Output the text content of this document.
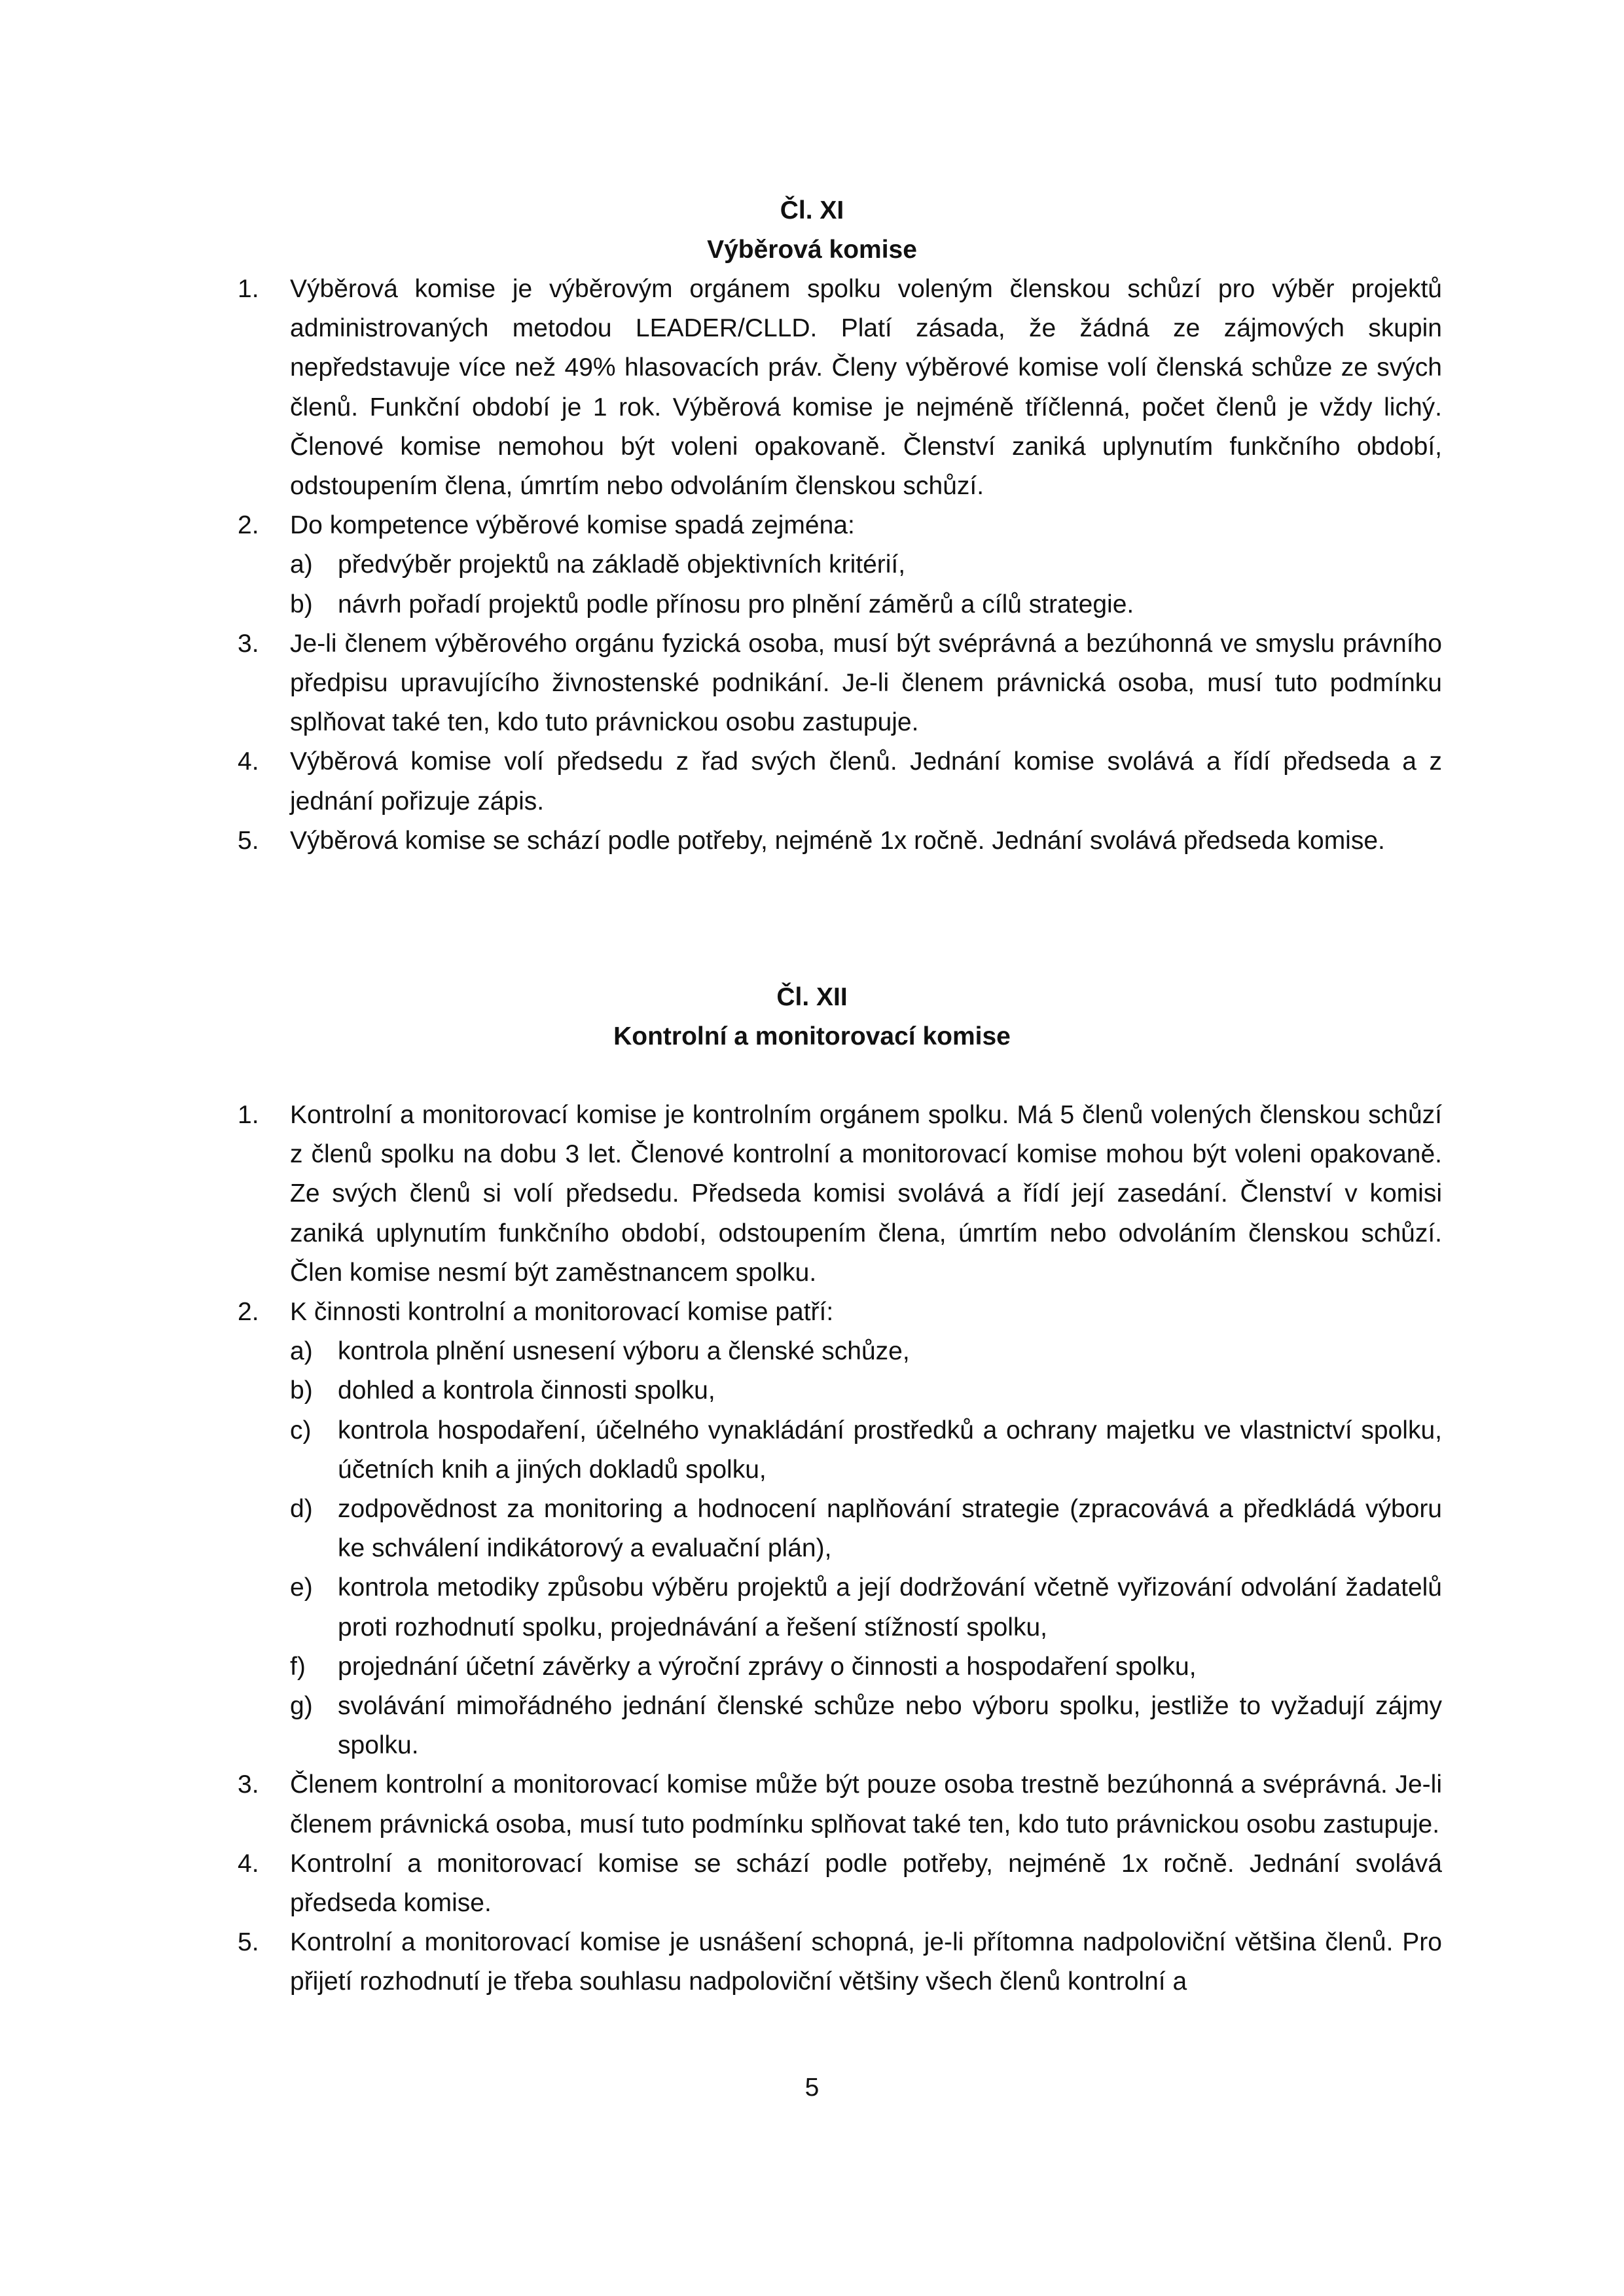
Čl. XI
Výběrová komise
1. Výběrová komise je výběrovým orgánem spolku voleným členskou schůzí pro výběr projektů administrovaných metodou LEADER/CLLD. Platí zásada, že žádná ze zájmových skupin nepředstavuje více než 49% hlasovacích práv. Členy výběrové komise volí členská schůze ze svých členů. Funkční období je 1 rok. Výběrová komise je nejméně tříčlenná, počet členů je vždy lichý. Členové komise nemohou být voleni opakovaně. Členství zaniká uplynutím funkčního období, odstoupením člena, úmrtím nebo odvoláním členskou schůzí.
2. Do kompetence výběrové komise spadá zejména:
a) předvýběr projektů na základě objektivních kritérií,
b) návrh pořadí projektů podle přínosu pro plnění záměrů a cílů strategie.
3. Je-li členem výběrového orgánu fyzická osoba, musí být svéprávná a bezúhonná ve smyslu právního předpisu upravujícího živnostenské podnikání. Je-li členem právnická osoba, musí tuto podmínku splňovat také ten, kdo tuto právnickou osobu zastupuje.
4. Výběrová komise volí předsedu z řad svých členů. Jednání komise svolává a řídí předseda a z jednání pořizuje zápis.
5. Výběrová komise se schází podle potřeby, nejméně 1x ročně. Jednání svolává předseda komise.
Čl. XII
Kontrolní a monitorovací komise
1. Kontrolní a monitorovací komise je kontrolním orgánem spolku. Má 5 členů volených členskou schůzí z členů spolku na dobu 3 let. Členové kontrolní a monitorovací komise mohou být voleni opakovaně. Ze svých členů si volí předsedu. Předseda komisi svolává a řídí její zasedání. Členství v komisi zaniká uplynutím funkčního období, odstoupením člena, úmrtím nebo odvoláním členskou schůzí. Člen komise nesmí být zaměstnancem spolku.
2. K činnosti kontrolní a monitorovací komise patří:
a) kontrola plnění usnesení výboru a členské schůze,
b) dohled a kontrola činnosti spolku,
c) kontrola hospodaření, účelného vynakládání prostředků a ochrany majetku ve vlastnictví spolku, účetních knih a jiných dokladů spolku,
d) zodpovědnost za monitoring a hodnocení naplňování strategie (zpracovává a předkládá výboru ke schválení indikátorový a evaluační plán),
e) kontrola metodiky způsobu výběru projektů a její dodržování včetně vyřizování odvolání žadatelů proti rozhodnutí spolku, projednávání a řešení stížností spolku,
f) projednání účetní závěrky a výroční zprávy o činnosti a hospodaření spolku,
g) svolávání mimořádného jednání členské schůze nebo výboru spolku, jestliže to vyžadují zájmy spolku.
3. Členem kontrolní a monitorovací komise může být pouze osoba trestně bezúhonná a svéprávná. Je-li členem právnická osoba, musí tuto podmínku splňovat také ten, kdo tuto právnickou osobu zastupuje.
4. Kontrolní a monitorovací komise se schází podle potřeby, nejméně 1x ročně. Jednání svolává předseda komise.
5. Kontrolní a monitorovací komise je usnášení schopná, je-li přítomna nadpoloviční většina členů. Pro přijetí rozhodnutí je třeba souhlasu nadpoloviční většiny všech členů kontrolní a
5
